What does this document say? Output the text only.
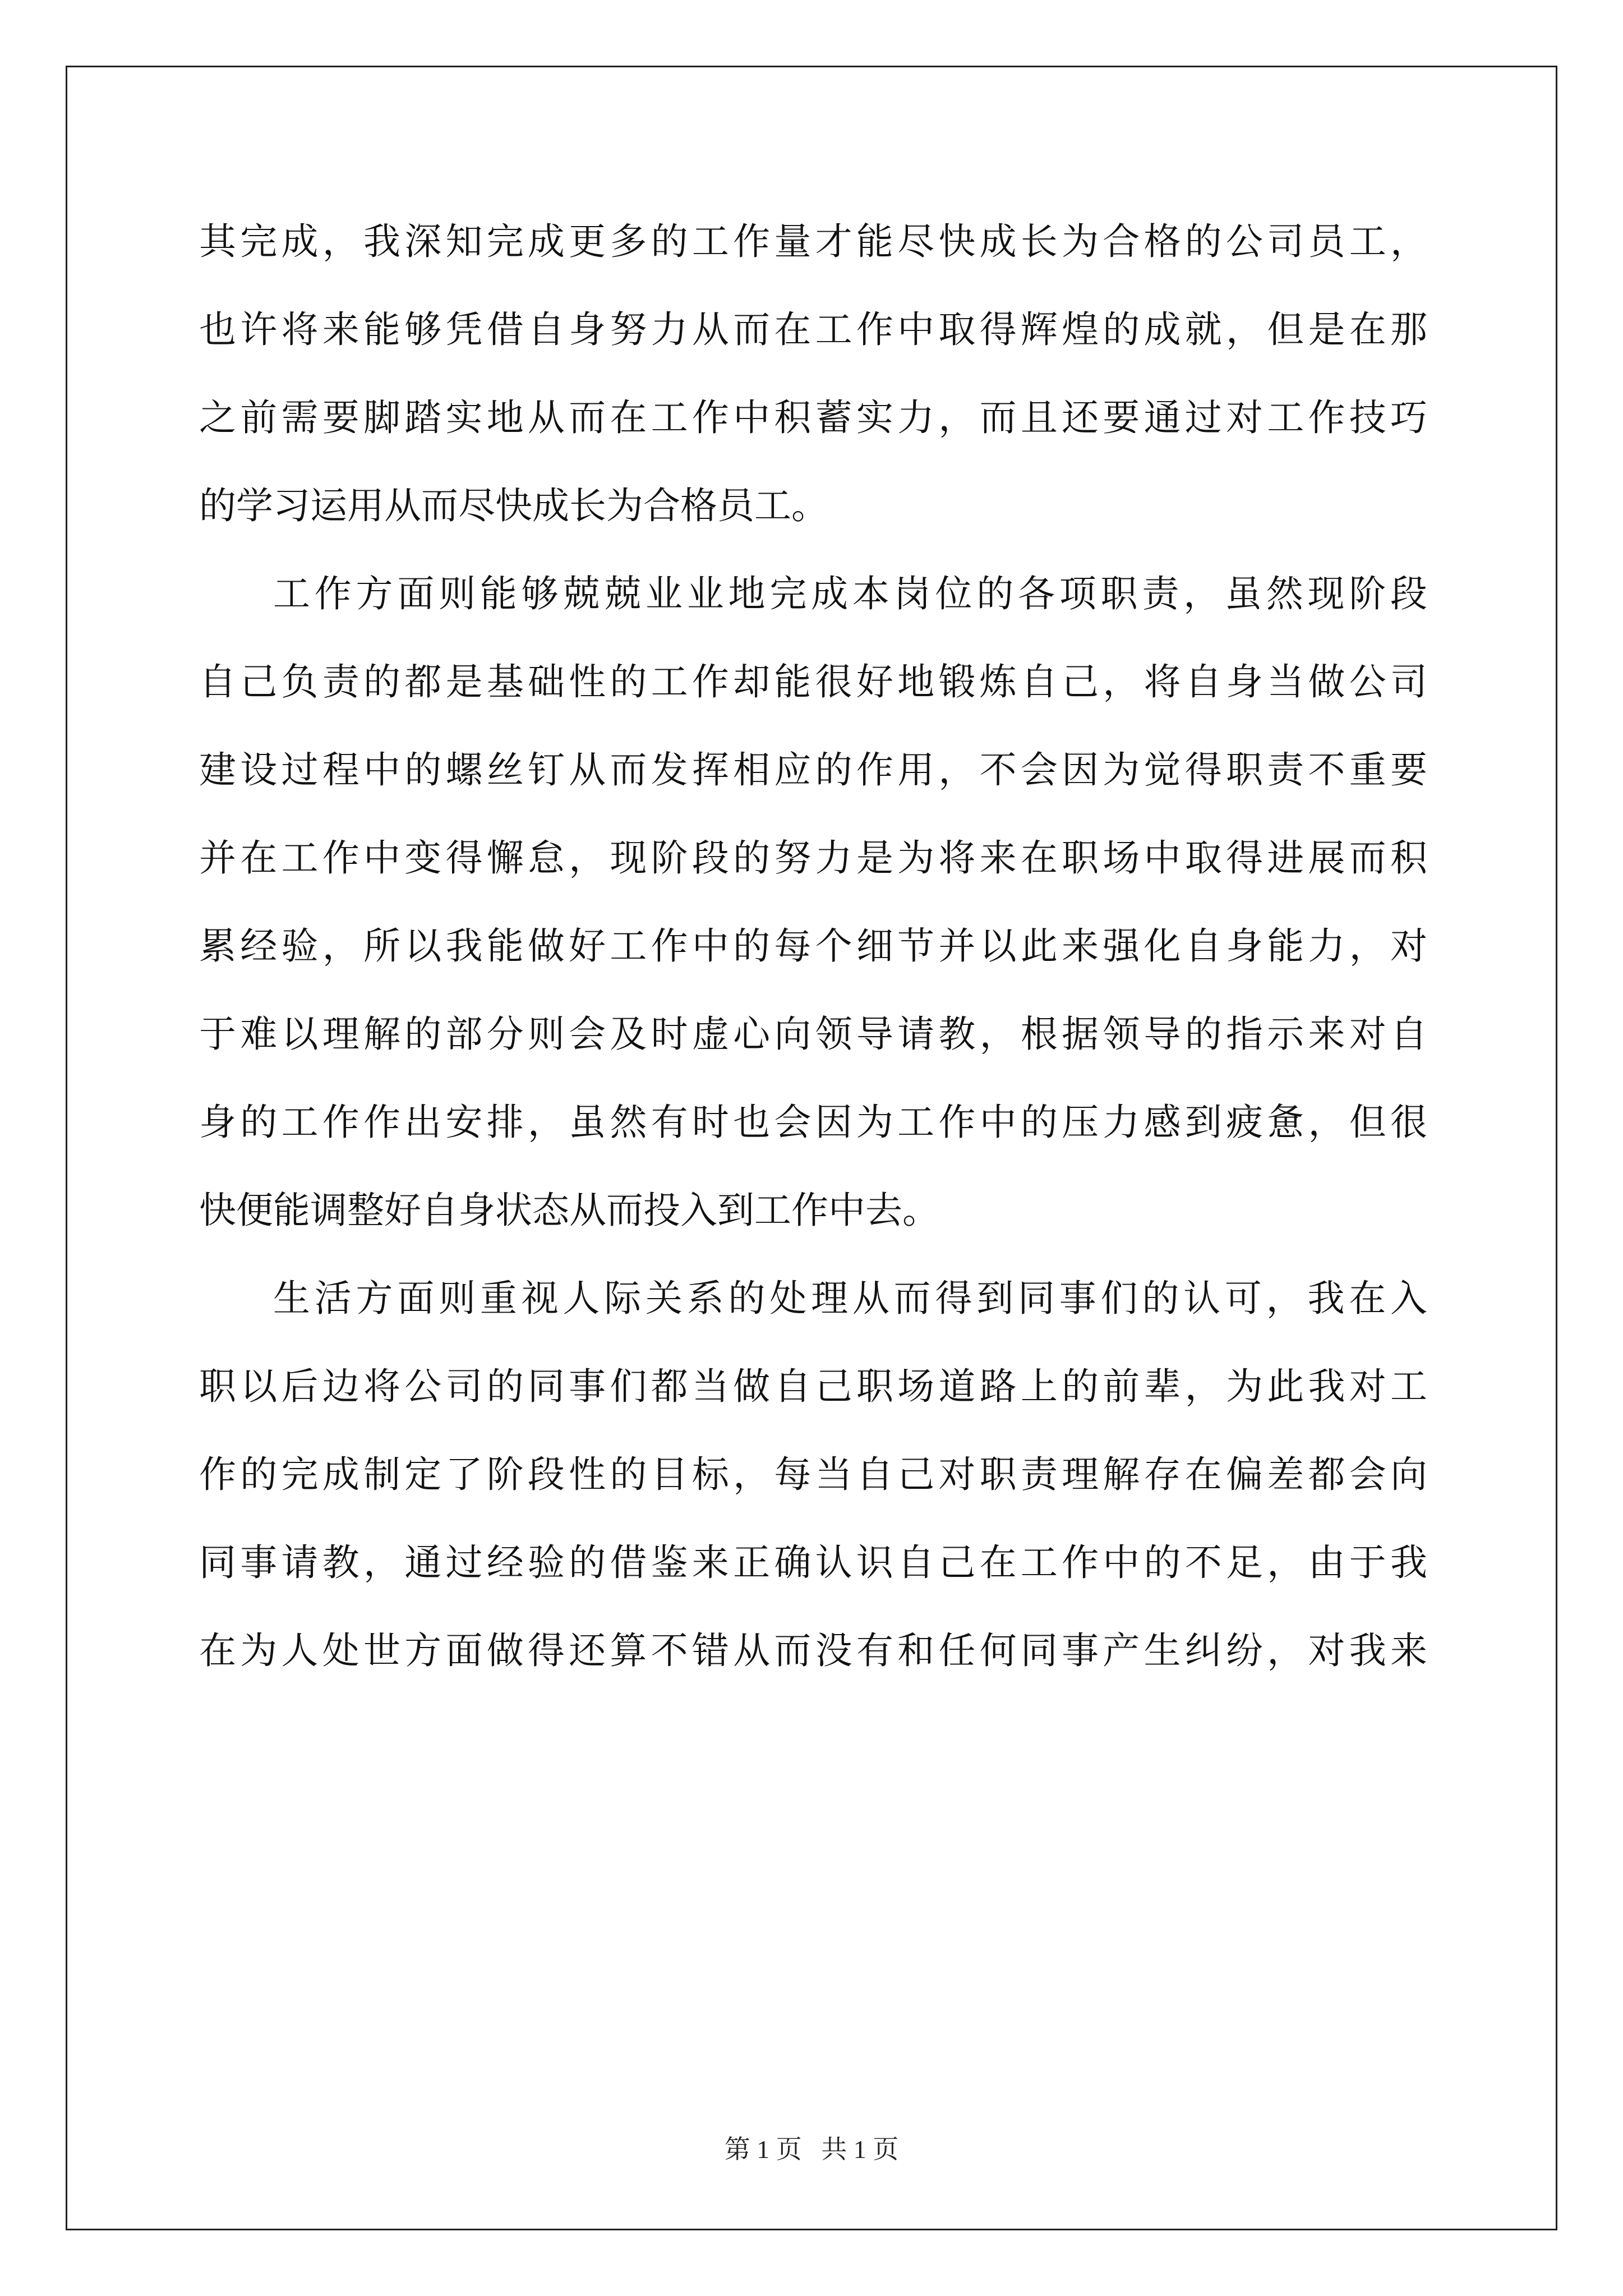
其完成，我深知完成更多的工作量才能尽快成长为合格的公司员工，
也许将来能够凭借自身努力从而在工作中取得辉煌的成就，但是在那
之前需要脚踏实地从而在工作中积蓄实力，而且还要通过对工作技巧
的学习运用从而尽快成长为合格员工。

工作方面则能够兢兢业业地完成本岗位的各项职责，虽然现阶段
自己负责的都是基础性的工作却能很好地锻炼自己，将自身当做公司
建设过程中的螺丝钉从而发挥相应的作用，不会因为觉得职责不重要
并在工作中变得懈怠，现阶段的努力是为将来在职场中取得进展而积
累经验，所以我能做好工作中的每个细节并以此来强化自身能力，对
于难以理解的部分则会及时虚心向领导请教，根据领导的指示来对自
身的工作作出安排，虽然有时也会因为工作中的压力感到疲惫，但很
快便能调整好自身状态从而投入到工作中去。

生活方面则重视人际关系的处理从而得到同事们的认可，我在入
职以后边将公司的同事们都当做自己职场道路上的前辈，为此我对工
作的完成制定了阶段性的目标，每当自己对职责理解存在偏差都会向
同事请教，通过经验的借鉴来正确认识自己在工作中的不足，由于我
在为人处世方面做得还算不错从而没有和任何同事产生纠纷，对我来

第 1 页   共 1 页
